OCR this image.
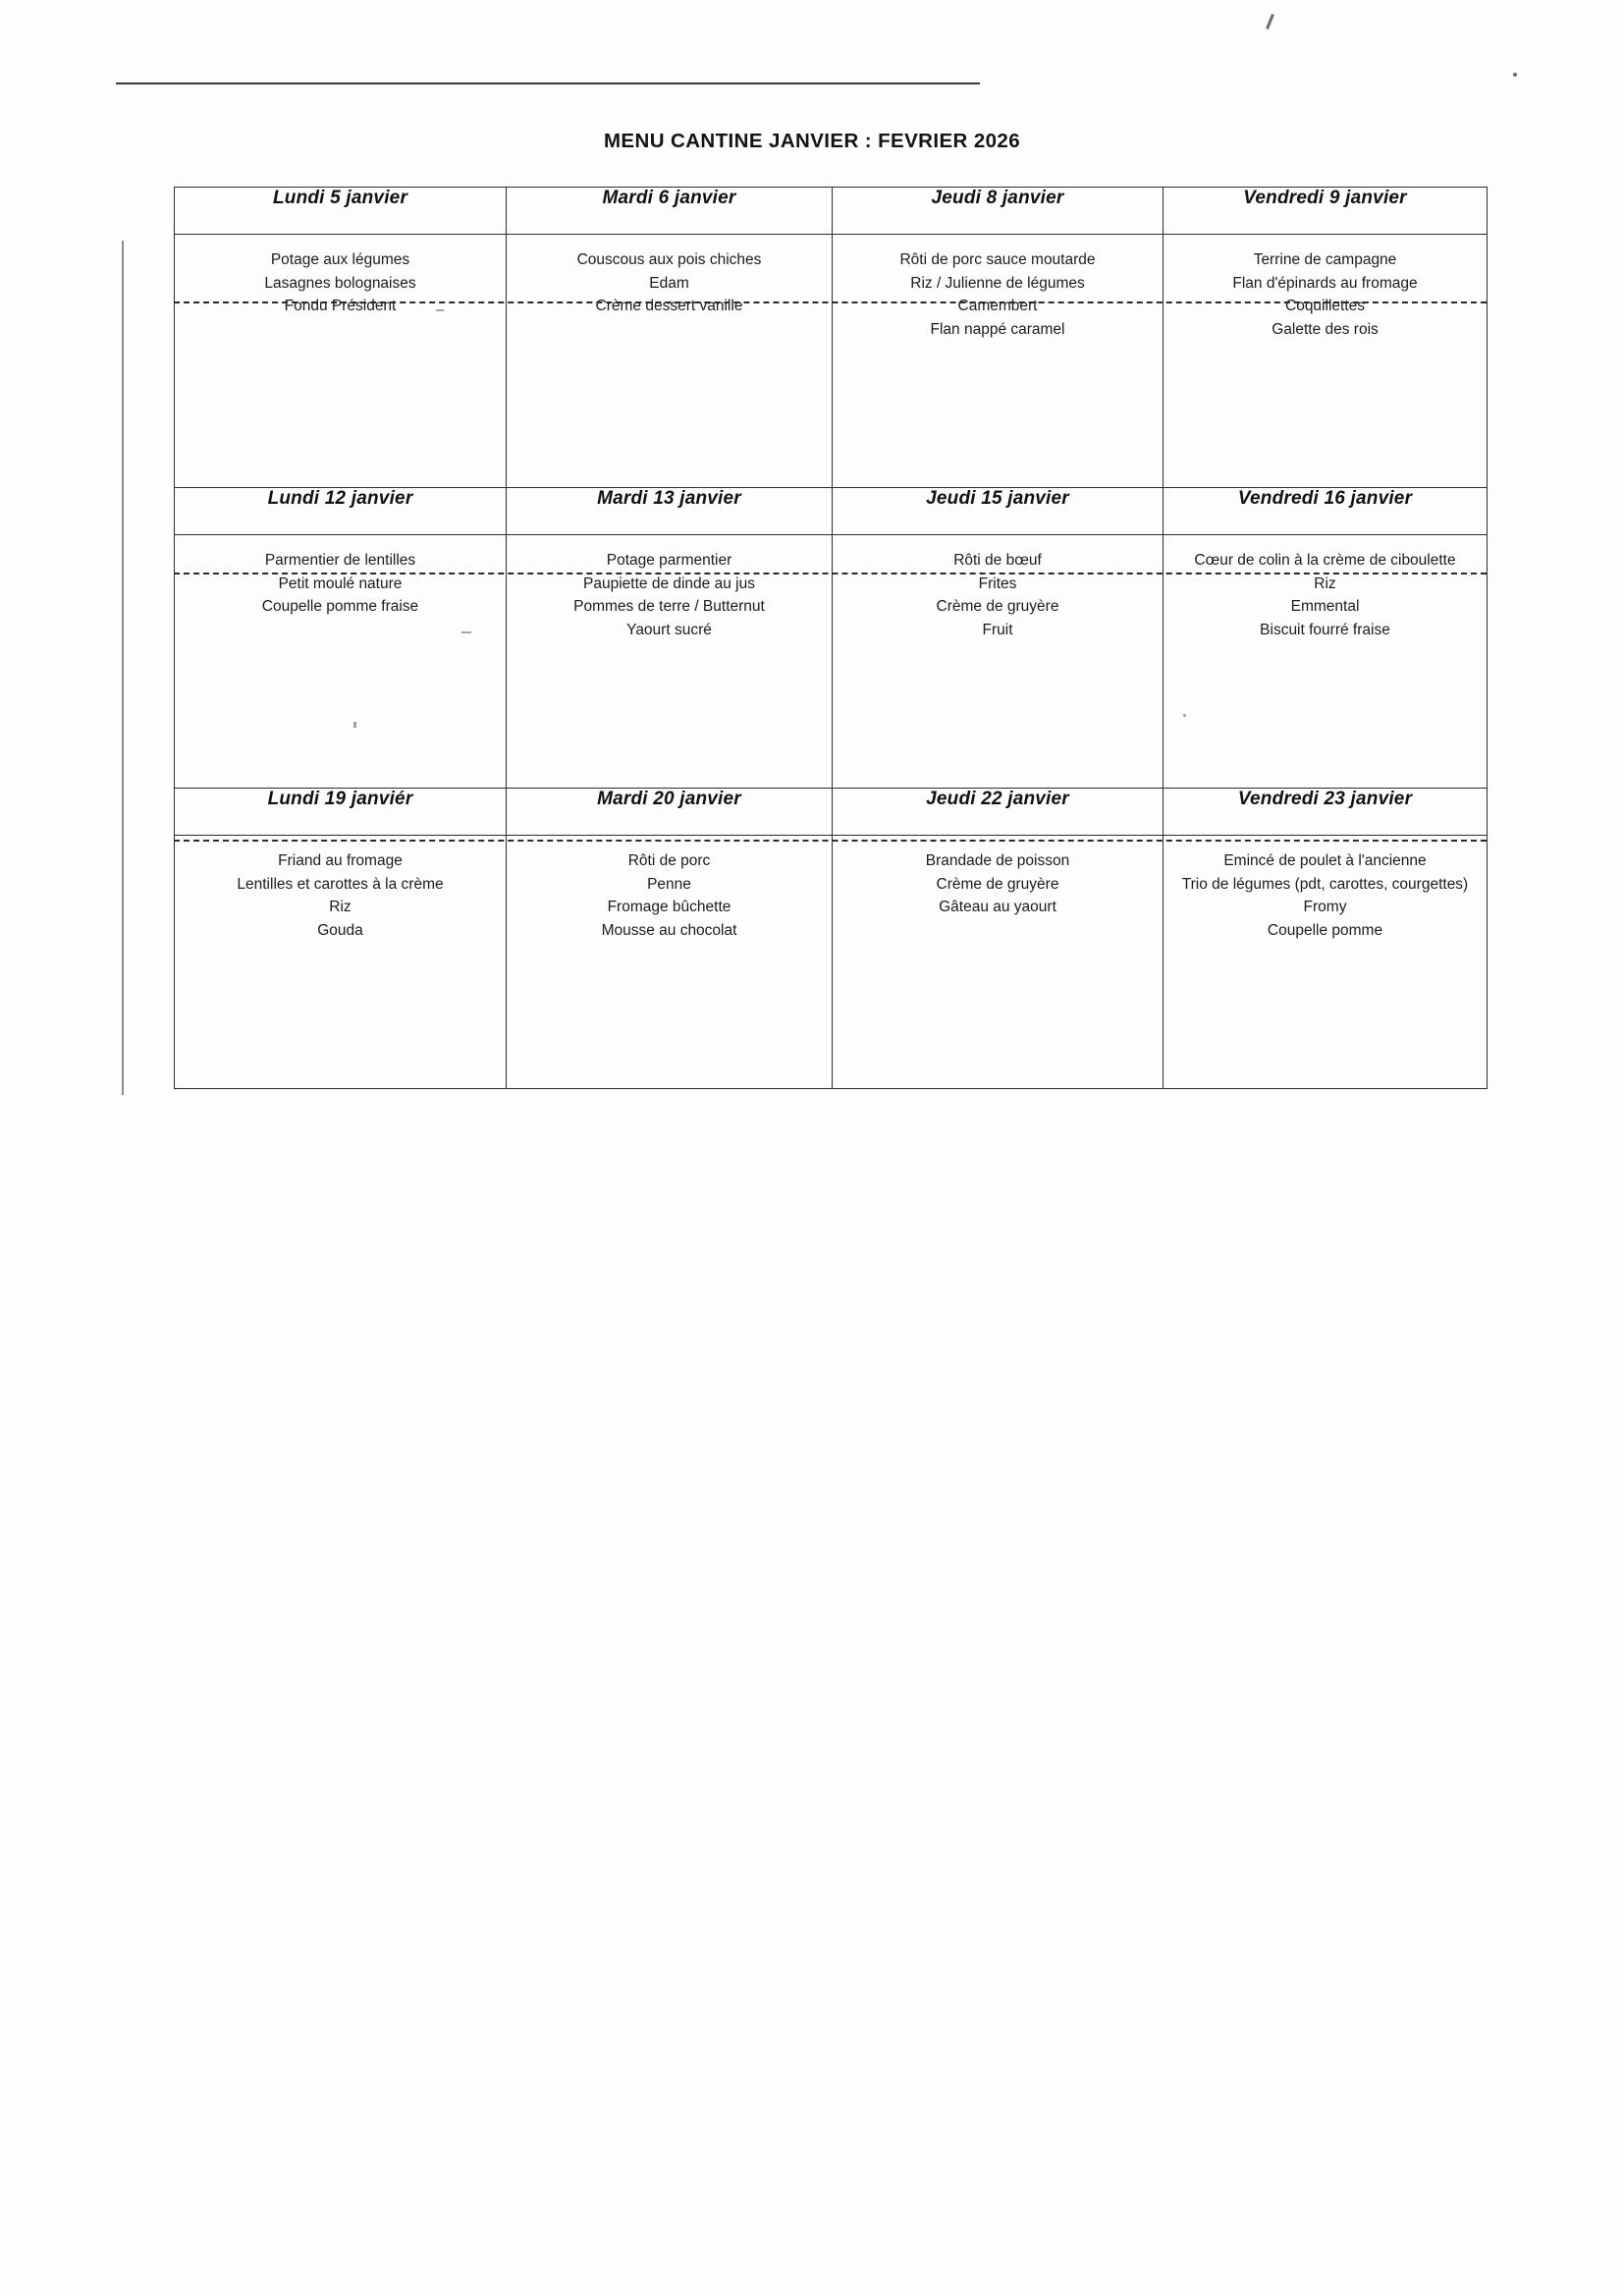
MENU CANTINE JANVIER : FEVRIER 2026
Lundi 5 janvier	Mardi 6 janvier	Jeudi 8 janvier	Vendredi 9 janvier

Potage aux légumes
Lasagnes bolognaises
Fondu Président

Couscous aux pois chiches
Edam
Crème dessert vanille

Rôti de porc sauce moutarde
Riz / Julienne de légumes
Camembert
Flan nappé caramel

Terrine de campagne
Flan d'épinards au fromage
Coquillettes
Galette des rois

Lundi 12 janvier	Mardi 13 janvier	Jeudi 15 janvier	Vendredi 16 janvier

Parmentier de lentilles
Petit moulé nature
Coupelle pomme fraise

Potage parmentier
Paupiette de dinde au jus
Pommes de terre / Butternut
Yaourt sucré

Rôti de bœuf
Frites
Crème de gruyère
Fruit

Cœur de colin à la crème de ciboulette
Riz
Emmental
Biscuit fourré fraise

Lundi 19 janviér	Mardi 20 janvier	Jeudi 22 janvier	Vendredi 23 janvier

Friand au fromage
Lentilles et carottes à la crème
Riz
Gouda

Rôti de porc
Penne
Fromage bûchette
Mousse au chocolat

Brandade de poisson
Crème de gruyère
Gâteau au yaourt

Emincé de poulet à l'ancienne
Trio de légumes (pdt, carottes, courgettes)
Fromy
Coupelle pomme
